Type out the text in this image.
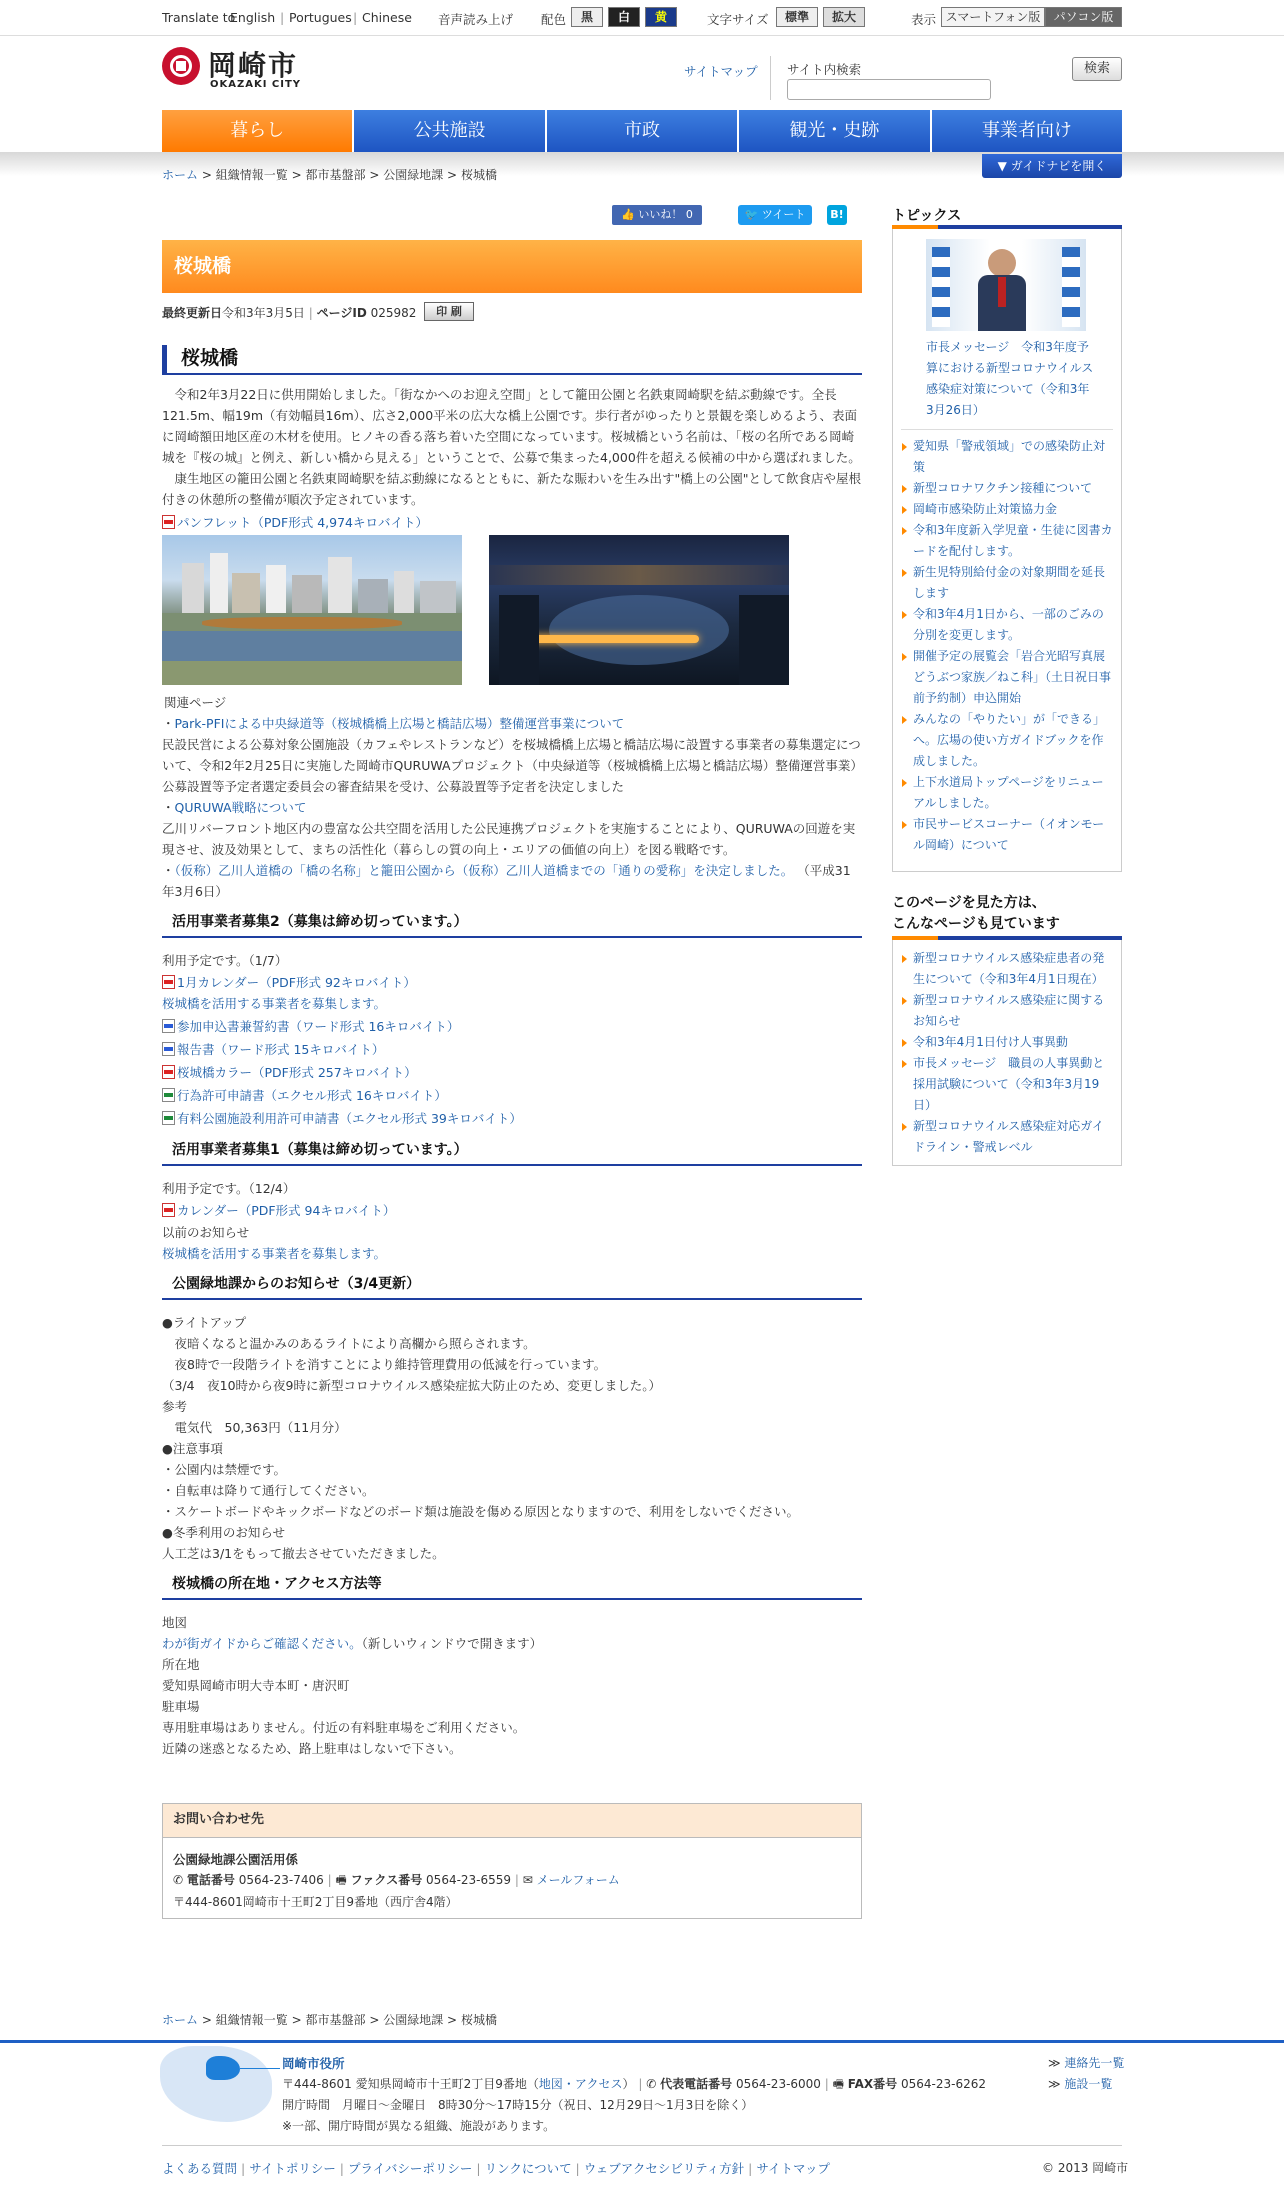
Translate to
English | Portugues | Chinese 音声読み上げ 配色	黒	白	黄	文字サイズ	標準	拡大	表示 スマートフォン版	パソコン版
岡崎市
OKAZAKI CITY
サイトマップ サイト内検索	検索
暮らし	公共施設	市政	観光・史跡	事業者向け
ホーム > 組織情報一覧 > 都市基盤部 > 公園緑地課 > 桜城橋
▼ ガイドナビを開く
👍 いいね！ 0	🐦 ツイート	B!
桜城橋
最終更新日令和3年3月5日 | ページID 025982	印 刷
桜城橋
令和2年3月22日に供用開始しました。「街なかへのお迎え空間」として籠田公園と名鉄東岡崎駅を結ぶ動線です。全長121.5m、幅19m（有効幅員16m）、広さ2,000平米の広大な橋上公園です。歩行者がゆったりと景観を楽しめるよう、表面に岡崎額田地区産の木材を使用。ヒノキの香る落ち着いた空間になっています。桜城橋という名前は、「桜の名所である岡崎城を『桜の城』と例え、新しい橋から見える」ということで、公募で集まった4,000件を超える候補の中から選ばれました。
康生地区の籠田公園と名鉄東岡崎駅を結ぶ動線になるとともに、新たな賑わいを生み出す"橋上の公園"として飲食店や屋根付きの休憩所の整備が順次予定されています。
パンフレット（PDF形式 4,974キロバイト）
関連ページ
・Park-PFIによる中央緑道等（桜城橋橋上広場と橋詰広場）整備運営事業について
民設民営による公募対象公園施設（カフェやレストランなど）を桜城橋橋上広場と橋詰広場に設置する事業者の募集選定について、令和2年2月25日に実施した岡崎市QURUWAプロジェクト（中央緑道等（桜城橋橋上広場と橋詰広場）整備運営事業）公募設置等予定者選定委員会の審査結果を受け、公募設置等予定者を決定しました
・QURUWA戦略について
乙川リバーフロント地区内の豊富な公共空間を活用した公民連携プロジェクトを実施することにより、QURUWAの回遊を実現させ、波及効果として、まちの活性化（暮らしの質の向上・エリアの価値の向上）を図る戦略です。
・（仮称）乙川人道橋の「橋の名称」と籠田公園から（仮称）乙川人道橋までの「通りの愛称」を決定しました。 （平成31年3月6日）
活用事業者募集2（募集は締め切っています。）
利用予定です。（1/7）
1月カレンダー（PDF形式 92キロバイト）
桜城橋を活用する事業者を募集します。
参加申込書兼誓約書（ワード形式 16キロバイト）
報告書（ワード形式 15キロバイト）
桜城橋カラー（PDF形式 257キロバイト）
行為許可申請書（エクセル形式 16キロバイト）
有料公園施設利用許可申請書（エクセル形式 39キロバイト）
活用事業者募集1（募集は締め切っています。）
利用予定です。（12/4）
カレンダー（PDF形式 94キロバイト）
以前のお知らせ
桜城橋を活用する事業者を募集します。
公園緑地課からのお知らせ（3/4更新）
●ライトアップ
　夜暗くなると温かみのあるライトにより高欄から照らされます。
　夜8時で一段階ライトを消すことにより維持管理費用の低減を行っています。
（3/4　夜10時から夜9時に新型コロナウイルス感染症拡大防止のため、変更しました。）
参考
　電気代　50,363円（11月分）
●注意事項
・公園内は禁煙です。
・自転車は降りて通行してください。
・スケートボードやキックボードなどのボード類は施設を傷める原因となりますので、利用をしないでください。
●冬季利用のお知らせ
人工芝は3/1をもって撤去させていただきました。
桜城橋の所在地・アクセス方法等
地図
わが街ガイドからご確認ください。（新しいウィンドウで開きます）
所在地
愛知県岡崎市明大寺本町・唐沢町
駐車場
専用駐車場はありません。付近の有料駐車場をご利用ください。
近隣の迷惑となるため、路上駐車はしないで下さい。
お問い合わせ先
公園緑地課公園活用係
✆ 電話番号 0564-23-7406 | 🖷 ファクス番号 0564-23-6559 | ✉ メールフォーム
〒444-8601岡崎市十王町2丁目9番地（西庁舎4階）
ホーム > 組織情報一覧 > 都市基盤部 > 公園緑地課 > 桜城橋
トピックス
市長メッセージ　令和3年度予算における新型コロナウイルス感染症対策について（令和3年3月26日）
愛知県「警戒領域」での感染防止対策
新型コロナワクチン接種について
岡崎市感染防止対策協力金
令和3年度新入学児童・生徒に図書カードを配付します。
新生児特別給付金の対象期間を延長します
令和3年4月1日から、一部のごみの分別を変更します。
開催予定の展覧会「岩合光昭写真展　どうぶつ家族／ねこ科」（土日祝日事前予約制）申込開始
みんなの「やりたい」が「できる」へ。広場の使い方ガイドブックを作成しました。
上下水道局トップページをリニューアルしました。
市民サービスコーナー（イオンモール岡崎）について
このページを見た方は、
こんなページも見ています
新型コロナウイルス感染症患者の発生について（令和3年4月1日現在）
新型コロナウイルス感染症に関するお知らせ
令和3年4月1日付け人事異動
市長メッセージ　職員の人事異動と採用試験について（令和3年3月19日）
新型コロナウイルス感染症対応ガイドライン・警戒レベル
岡崎市役所
〒444-8601 愛知県岡崎市十王町2丁目9番地（地図・アクセス） | ✆ 代表電話番号 0564-23-6000 | 🖷 FAX番号 0564-23-6262
開庁時間　月曜日～金曜日　8時30分～17時15分（祝日、12月29日～1月3日を除く）
※一部、開庁時間が異なる組織、施設があります。
≫ 連絡先一覧
≫ 施設一覧
よくある質問 | サイトポリシー | プライバシーポリシー | リンクについて | ウェブアクセシビリティ方針 | サイトマップ	© 2013 岡崎市
